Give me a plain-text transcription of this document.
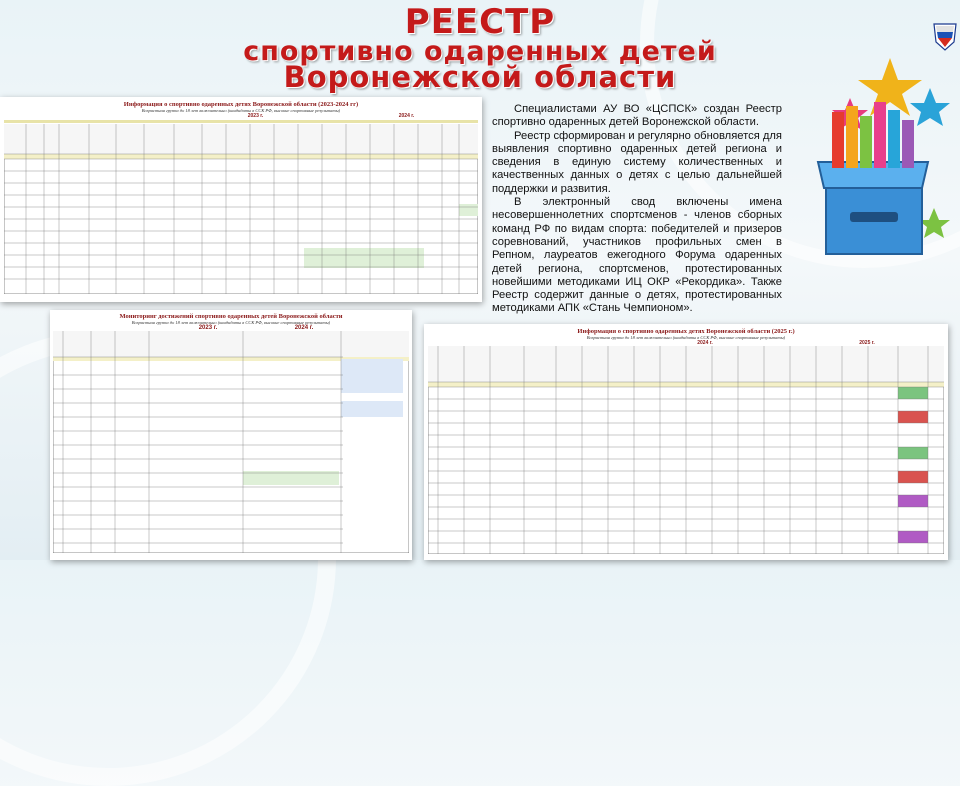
РЕЕСТР
спортивно одаренных детей
Воронежской области

Специалистами АУ ВО «ЦСПСК» создан Реестр спортивно одаренных детей Воронежской области.

Реестр сформирован и регулярно обновляется для выявления спортивно одаренных детей региона и сведения в единую систему количественных и качественных данных о детях с целью дальнейшей поддержки и развития.

В электронный свод включены имена несовершеннолетних спортсменов - членов сборных команд РФ по видам спорта: победителей и призеров соревнований, участников профильных смен в Репном, лауреатов ежегодного Форума одаренных детей региона, спортсменов, протестированных новейшими методиками ИЦ ОКР «Рекордика». Также Реестр содержит данные о детях, протестированных методиками АПК «Стань Чемпионом».

Информация о спортивно одаренных детях Воронежской области (2023-2024 гг)
Возрастная группа до 18 лет включительно (кандидаты в ССК РФ, высокие спортивные результаты)
2023 г.	2024 г.
Мониторинг достижений спортивно одаренных детей Воронежской области
Возрастная группа до 18 лет включительно (кандидаты в ССК РФ, высокие спортивные результаты)
2023 г.	2024 г.	Информация о спортивно одаренных детях Воронежской области (2025 г.)
Возрастная группа до 18 лет включительно (кандидаты в ССК РФ, высокие спортивные результаты)
2024 г.	2025 г.
